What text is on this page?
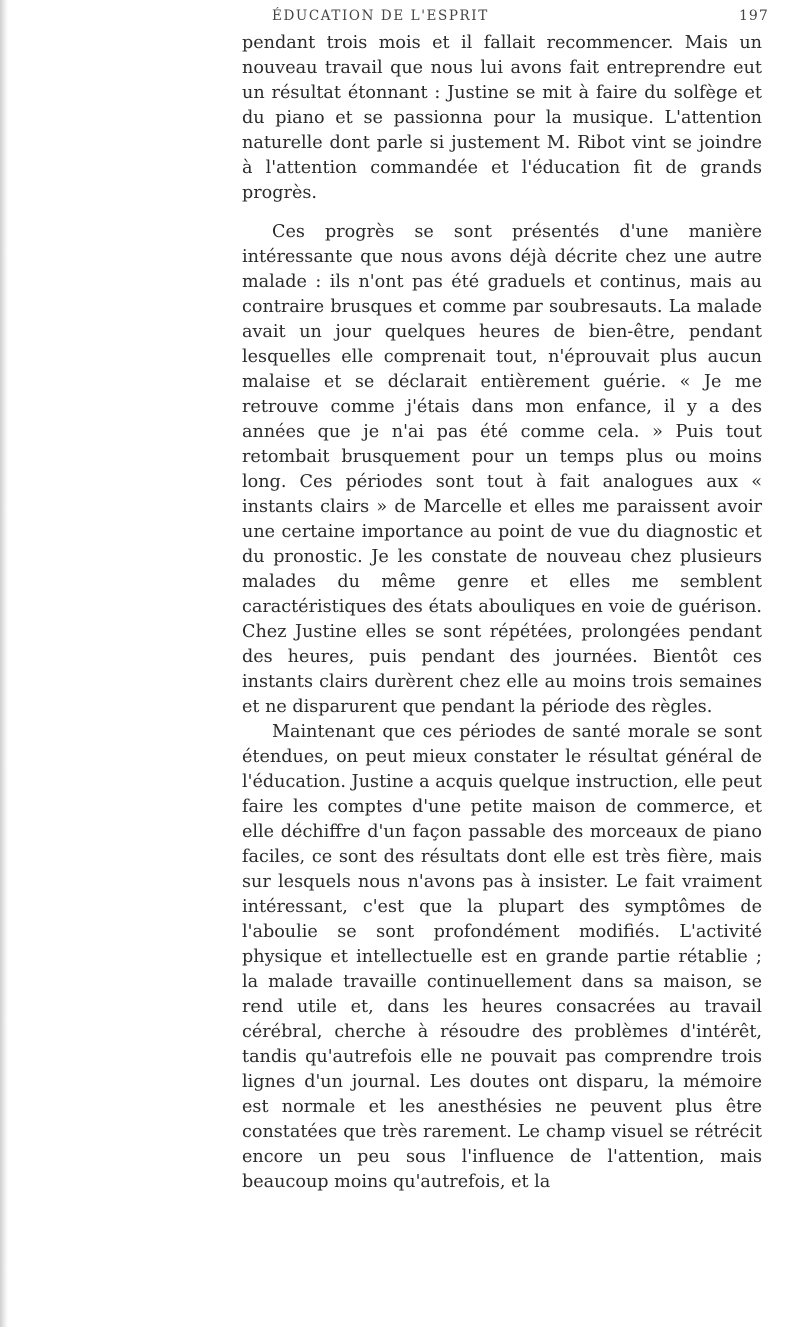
ÉDUCATION DE L'ESPRIT	197

pendant trois mois et il fallait recommencer. Mais un nouveau travail que nous lui avons fait entreprendre eut un résultat étonnant : Justine se mit à faire du solfège et du piano et se passionna pour la musique. L'attention naturelle dont parle si justement M. Ribot vint se joindre à l'attention commandée et l'éducation fit de grands progrès.

Ces progrès se sont présentés d'une manière intéressante que nous avons déjà décrite chez une autre malade : ils n'ont pas été graduels et continus, mais au contraire brusques et comme par soubresauts. La malade avait un jour quelques heures de bien-être, pendant lesquelles elle comprenait tout, n'éprouvait plus aucun malaise et se déclarait entièrement guérie. « Je me retrouve comme j'étais dans mon enfance, il y a des années que je n'ai pas été comme cela. » Puis tout retombait brusquement pour un temps plus ou moins long. Ces périodes sont tout à fait analogues aux « instants clairs » de Marcelle et elles me paraissent avoir une certaine importance au point de vue du diagnostic et du pronostic. Je les constate de nouveau chez plusieurs malades du même genre et elles me semblent caractéristiques des états abouliques en voie de guérison. Chez Justine elles se sont répétées, prolongées pendant des heures, puis pendant des journées. Bientôt ces instants clairs durèrent chez elle au moins trois semaines et ne disparurent que pendant la période des règles.

Maintenant que ces périodes de santé morale se sont étendues, on peut mieux constater le résultat général de l'éducation. Justine a acquis quelque instruction, elle peut faire les comptes d'une petite maison de commerce, et elle déchiffre d'un façon passable des morceaux de piano faciles, ce sont des résultats dont elle est très fière, mais sur lesquels nous n'avons pas à insister. Le fait vraiment intéressant, c'est que la plupart des symptômes de l'aboulie se sont profondément modifiés. L'activité physique et intellectuelle est en grande partie rétablie ; la malade travaille continuellement dans sa maison, se rend utile et, dans les heures consacrées au travail cérébral, cherche à résoudre des problèmes d'intérêt, tandis qu'autrefois elle ne pouvait pas comprendre trois lignes d'un journal. Les doutes ont disparu, la mémoire est normale et les anesthésies ne peuvent plus être constatées que très rarement. Le champ visuel se rétrécit encore un peu sous l'influence de l'attention, mais beaucoup moins qu'autrefois, et la
